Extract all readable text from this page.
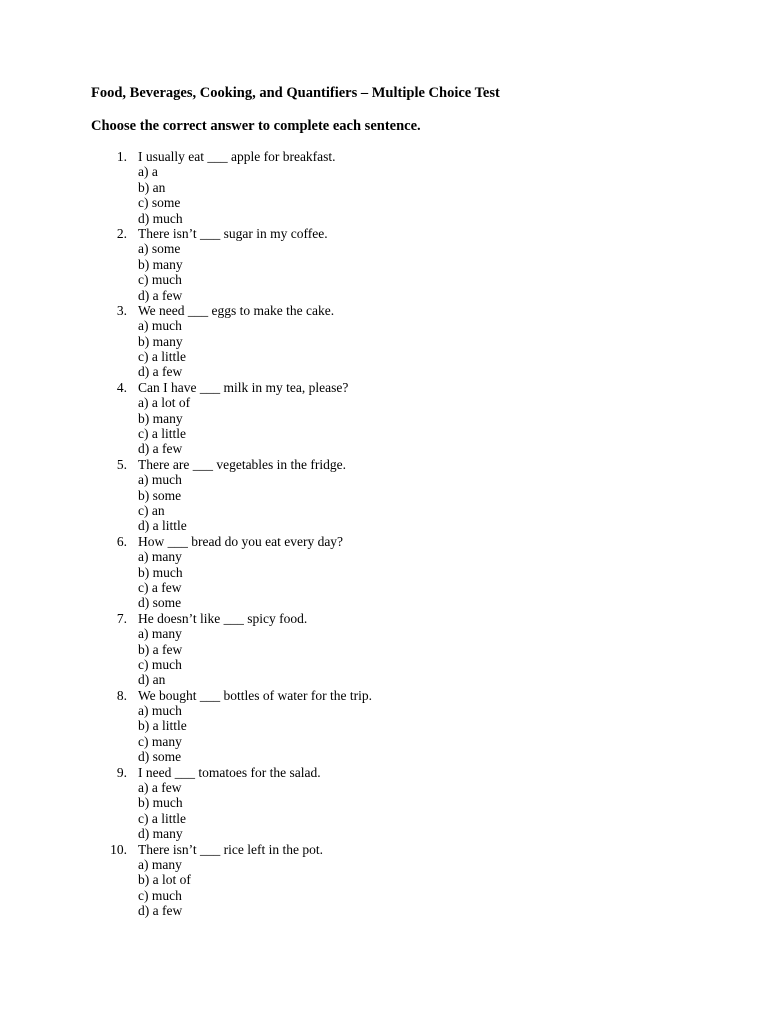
Food, Beverages, Cooking, and Quantifiers – Multiple Choice Test
Choose the correct answer to complete each sentence.
1. I usually eat ___ apple for breakfast.
a) a
b) an
c) some
d) much
2. There isn’t ___ sugar in my coffee.
a) some
b) many
c) much
d) a few
3. We need ___ eggs to make the cake.
a) much
b) many
c) a little
d) a few
4. Can I have ___ milk in my tea, please?
a) a lot of
b) many
c) a little
d) a few
5. There are ___ vegetables in the fridge.
a) much
b) some
c) an
d) a little
6. How ___ bread do you eat every day?
a) many
b) much
c) a few
d) some
7. He doesn’t like ___ spicy food.
a) many
b) a few
c) much
d) an
8. We bought ___ bottles of water for the trip.
a) much
b) a little
c) many
d) some
9. I need ___ tomatoes for the salad.
a) a few
b) much
c) a little
d) many
10. There isn’t ___ rice left in the pot.
a) many
b) a lot of
c) much
d) a few
